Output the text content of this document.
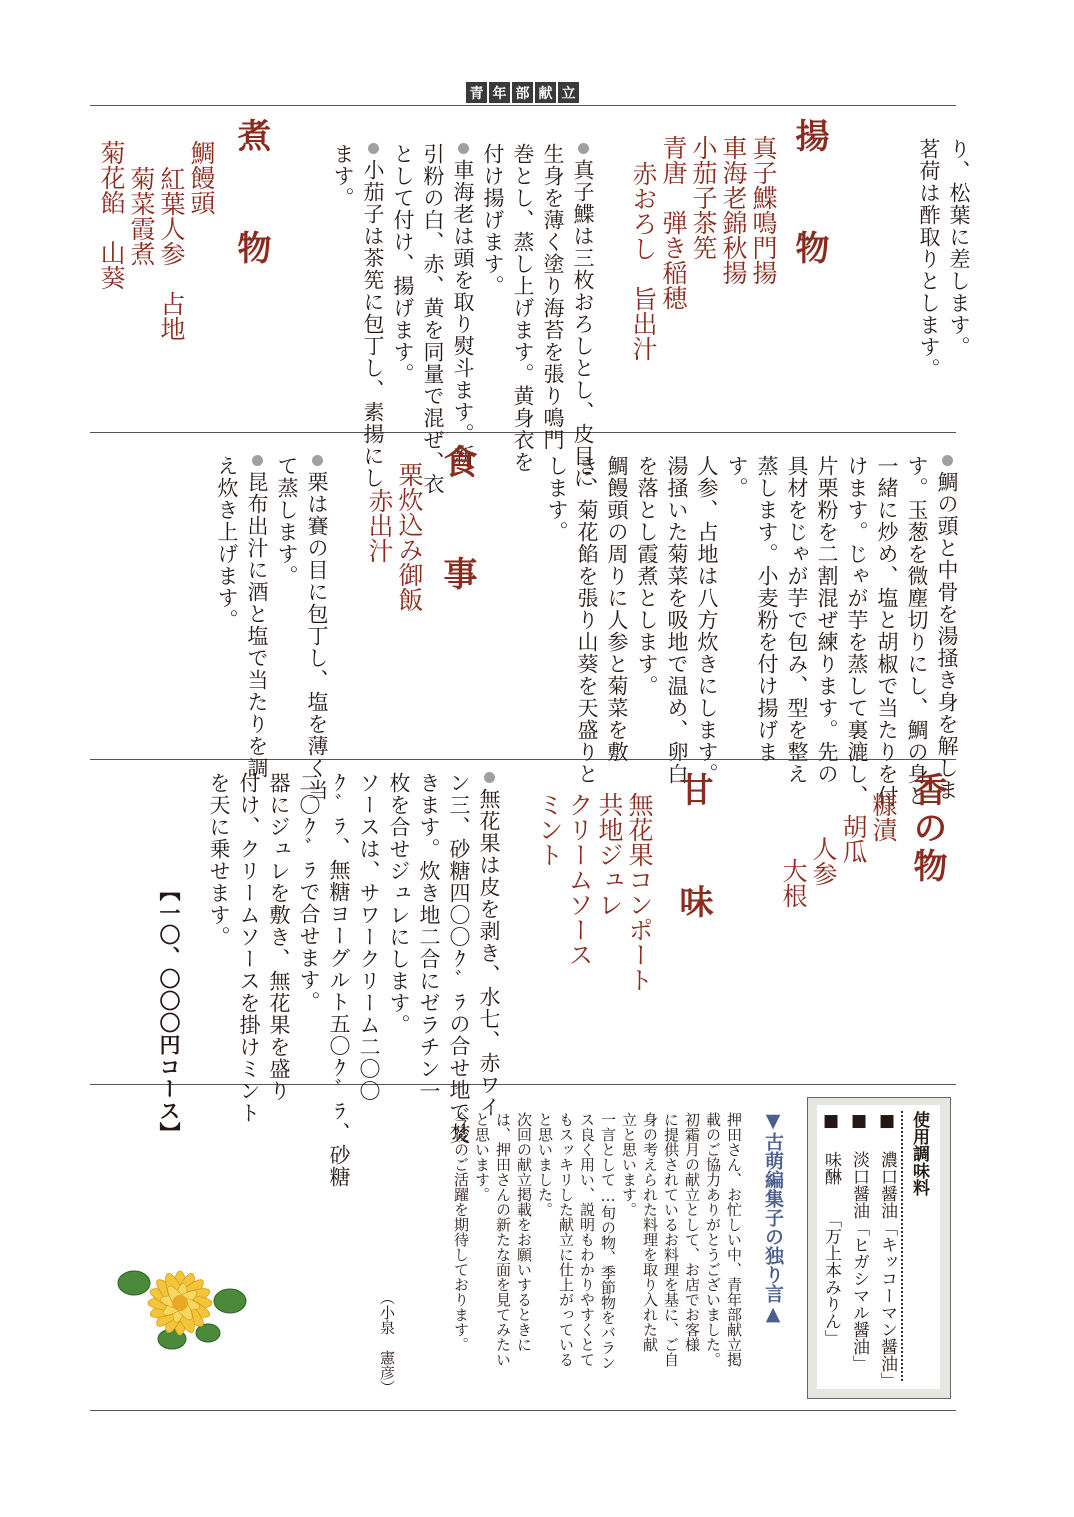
青 年 部 献 立

り、松葉に差します。

茗荷は酢取りとします。

揚　物
真子鰈鳴門揚
車海老錦秋揚
小茄子茶筅
青唐　弾き稲穂
赤おろし　旨出汁

真子鰈は三枚おろしとし、皮目に

生身を薄く塗り海苔を張り鳴門

巻とし、蒸し上げます。黄身衣を

付け揚げます。

車海老は頭を取り熨斗ます。新

引粉の白、赤、黄を同量で混ぜ、衣

として付け、揚げます。

小茄子は茶筅に包丁し、素揚にし

ます。

煮　物
鯛饅頭
紅葉人参　占地
菊菜霞煮
菊花餡　山葵

鯛の頭と中骨を湯掻き身を解しま

す。玉葱を微塵切りにし、鯛の身と

一緒に炒め、塩と胡椒で当たりを付

けます。じゃが芋を蒸して裏漉し、

片栗粉を二割混ぜ練ります。先の

具材をじゃが芋で包み、型を整え

蒸します。小麦粉を付け揚げま

す。

人参、占地は八方炊きにします。

湯掻いた菊菜を吸地で温め、卵白

を落とし霞煮とします。

鯛饅頭の周りに人参と菊菜を敷

き、菊花餡を張り山葵を天盛りと

します。

食　事
栗炊込み御飯
赤出汁

栗は賽の目に包丁し、塩を薄く当

て蒸します。

昆布出汁に酒と塩で当たりを調

え炊き上げます。

香の物
糠漬
胡瓜
人参
大根
甘　味
無花果コンポート
共地ジュレ
クリームソース
ミント

無花果は皮を剥き、水七、赤ワイ

ン三、砂糖四〇〇ｸﾞﾗの合せ地で焚

きます。炊き地二合にゼラチン一

枚を合せジュレにします。

ソースは、サワークリーム二〇〇

ｸﾞﾗ、無糖ヨーグルト五〇ｸﾞﾗ、砂糖

二〇ｸﾞﾗで合せます。

器にジュレを敷き、無花果を盛り

付け、クリームソースを掛けミント

を天に乗せます。

【一〇、〇〇〇円コース】
使用調味料
■ 濃口醤油「キッコーマン醤油」
■ 淡口醤油「ヒガシマル醤油」
■ 味醂　　「万上本みりん」
▼古萌編集子の独り言▲

押田さん、お忙しい中、青年部献立掲

載のご協力ありがとうございました。

初霜月の献立として、お店でお客様

に提供されているお料理を基に、ご自

身の考えられた料理を取り入れた献

立と思います。

一言として…旬の物、季節物をバラン

ス良く用い、説明もわかりやすくとて

もスッキリした献立に仕上がっている

と思いました。

次回の献立掲載をお願いするときに

は、押田さんの新たな面を見てみたい

と思います。

今後のご活躍を期待しております。

（小泉　憲彦）
